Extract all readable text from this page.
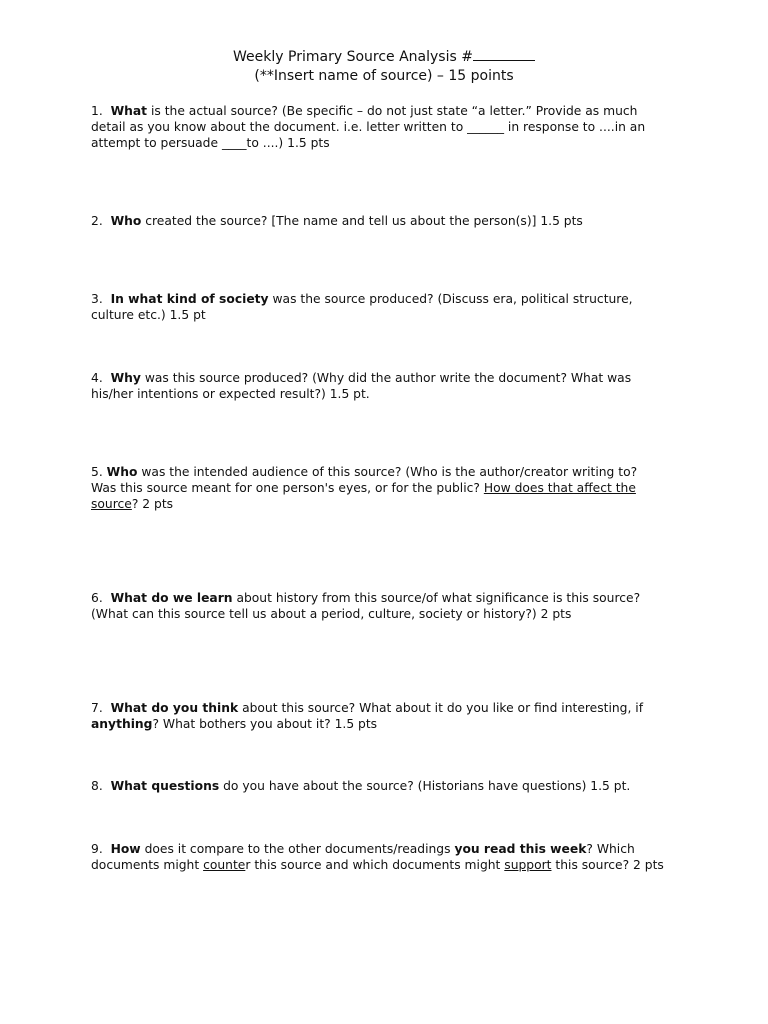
Weekly Primary Source Analysis #
(**Insert name of source) – 15 points
1. What is the actual source? (Be specific – do not just state “a letter.” Provide as much
detail as you know about the document. i.e. letter written to ______ in response to ....in an
attempt to persuade ____to ....) 1.5 pts
2. Who created the source? [The name and tell us about the person(s)] 1.5 pts
3. In what kind of society was the source produced? (Discuss era, political structure,
culture etc.) 1.5 pt
4. Why was this source produced? (Why did the author write the document? What was
his/her intentions or expected result?) 1.5 pt.
5. Who was the intended audience of this source? (Who is the author/creator writing to?
Was this source meant for one person's eyes, or for the public? How does that affect the
source? 2 pts
6. What do we learn about history from this source/of what significance is this source?
(What can this source tell us about a period, culture, society or history?) 2 pts
7. What do you think about this source? What about it do you like or find interesting, if
anything? What bothers you about it? 1.5 pts
8. What questions do you have about the source? (Historians have questions) 1.5 pt.
9. How does it compare to the other documents/readings you read this week? Which
documents might counter this source and which documents might support this source? 2 pts
